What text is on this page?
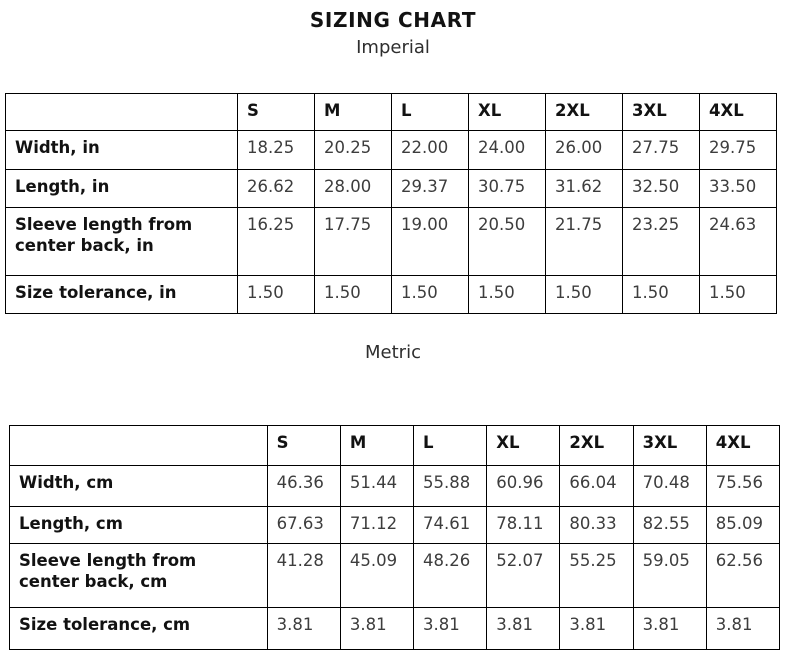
SIZING CHART
Imperial
	S	M	L	XL	2XL	3XL	4XL
Width, in	18.25	20.25	22.00	24.00	26.00	27.75	29.75
Length, in	26.62	28.00	29.37	30.75	31.62	32.50	33.50
Sleeve length from center back, in	16.25	17.75	19.00	20.50	21.75	23.25	24.63
Size tolerance, in	1.50	1.50	1.50	1.50	1.50	1.50	1.50
Metric
	S	M	L	XL	2XL	3XL	4XL
Width, cm	46.36	51.44	55.88	60.96	66.04	70.48	75.56
Length, cm	67.63	71.12	74.61	78.11	80.33	82.55	85.09
Sleeve length from center back, cm	41.28	45.09	48.26	52.07	55.25	59.05	62.56
Size tolerance, cm	3.81	3.81	3.81	3.81	3.81	3.81	3.81
